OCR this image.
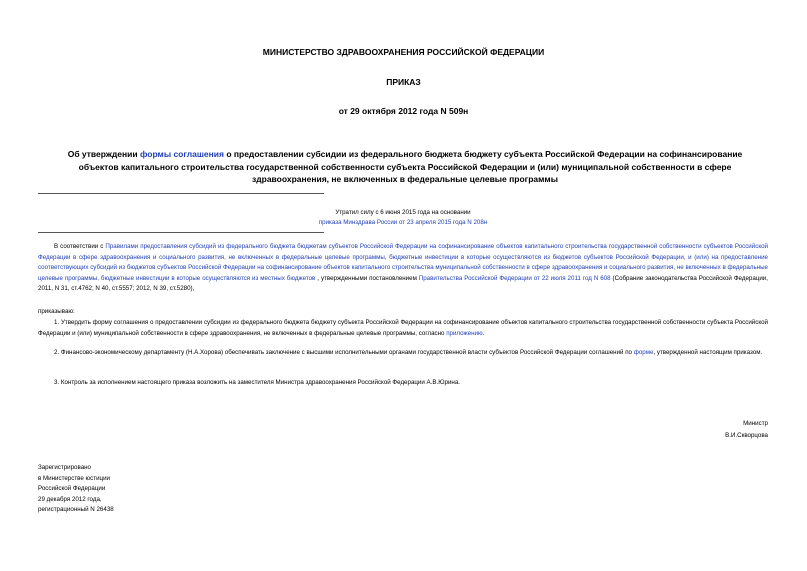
МИНИСТЕРСТВО ЗДРАВООХРАНЕНИЯ РОССИЙСКОЙ ФЕДЕРАЦИИ
ПРИКАЗ
от 29 октября 2012 года N 509н
Об утверждении формы соглашения о предоставлении субсидии из федерального бюджета бюджету субъекта Российской Федерации на софинансирование объектов капитального строительства государственной собственности субъекта Российской Федерации и (или) муниципальной собственности в сфере здравоохранения, не включенных в федеральные целевые программы
Утратил силу с 6 июня 2015 года на основании
приказа Минздрава России от 23 апреля 2015 года N 208н
В соответствии с Правилами предоставления субсидий из федерального бюджета бюджетам субъектов Российской Федерации на софинансирование объектов капитального строительства государственной собственности субъектов Российской Федерации в сфере здравоохранения и социального развития, не включенных в федеральные целевые программы, бюджетные инвестиции в которые осуществляются из бюджетов субъектов Российской Федерации, и (или) на предоставление соответствующих субсидий из бюджетов субъектов Российской Федерации на софинансирование объектов капитального строительства муниципальной собственности в сфере здравоохранения и социального развития, не включенных в федеральные целевые программы, бюджетные инвестиции в которые осуществляются из местных бюджетов , утвержденными постановлением Правительства Российской Федерации от 22 июля 2011 год N 608 (Собрание законодательства Российской Федерации, 2011, N 31, ст.4762; N 40, ст.5557; 2012, N 39, ст.5280),
приказываю:
1. Утвердить форму соглашения о предоставлении субсидии из федерального бюджета бюджету субъекта Российской Федерации на софинансирование объектов капитального строительства государственной собственности субъекта Российской Федерации и (или) муниципальной собственности в сфере здравоохранения, не включенных в федеральные целевые программы, согласно приложению.
2. Финансово-экономическому департаменту (Н.А.Хорова) обеспечивать заключение с высшими исполнительными органами государственной власти субъектов Российской Федерации соглашений по форме, утвержденной настоящим приказом.
3. Контроль за исполнением настоящего приказа возложить на заместителя Министра здравоохранения Российской Федерации А.В.Юрина.
Министр
В.И.Скворцова
Зарегистрировано
в Министерстве юстиции
Российской Федерации
29 декабря 2012 года,
регистрационный N 26438
